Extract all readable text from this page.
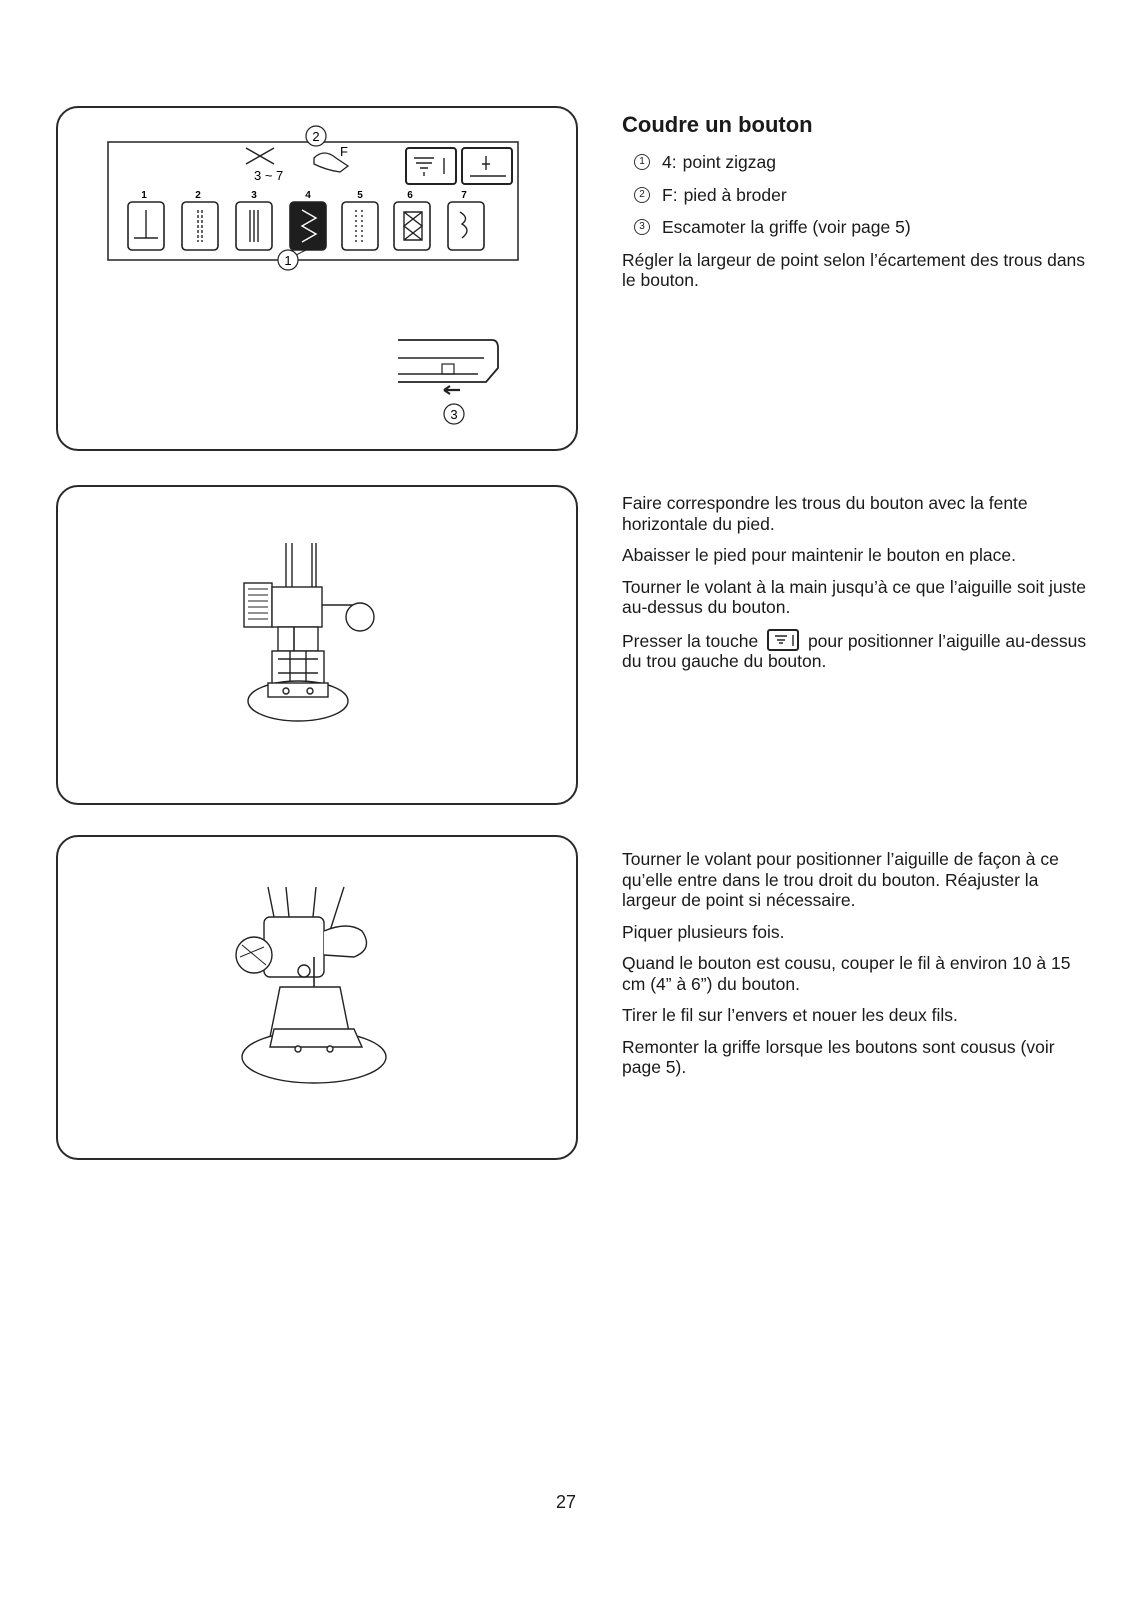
2
3 ~ 7
F
1	2	3	4	5	6	7
1
3
Coudre un bouton
1 4: point zigzag
2 F: pied à broder
3 Escamoter la griffe (voir page 5)

Régler la largeur de point selon l’écartement des trous dans le bouton.

Faire correspondre les trous du bouton avec la fente horizontale du pied.

Abaisser le pied pour maintenir le bouton en place.

Tourner le volant à la main jusqu’à ce que l’aiguille soit juste au-dessus du bouton.

Presser la touche	pour positionner l’aiguille au-dessus du trou gauche du bouton.

Tourner le volant pour positionner l’aiguille de façon à ce qu’elle entre dans le trou droit du bouton. Réajuster la largeur de point si nécessaire.

Piquer plusieurs fois.

Quand le bouton est cousu, couper le fil à environ 10 à 15 cm (4” à 6”) du bouton.

Tirer le fil sur l’envers et nouer les deux fils.

Remonter la griffe lorsque les boutons sont cousus (voir page 5).

27
